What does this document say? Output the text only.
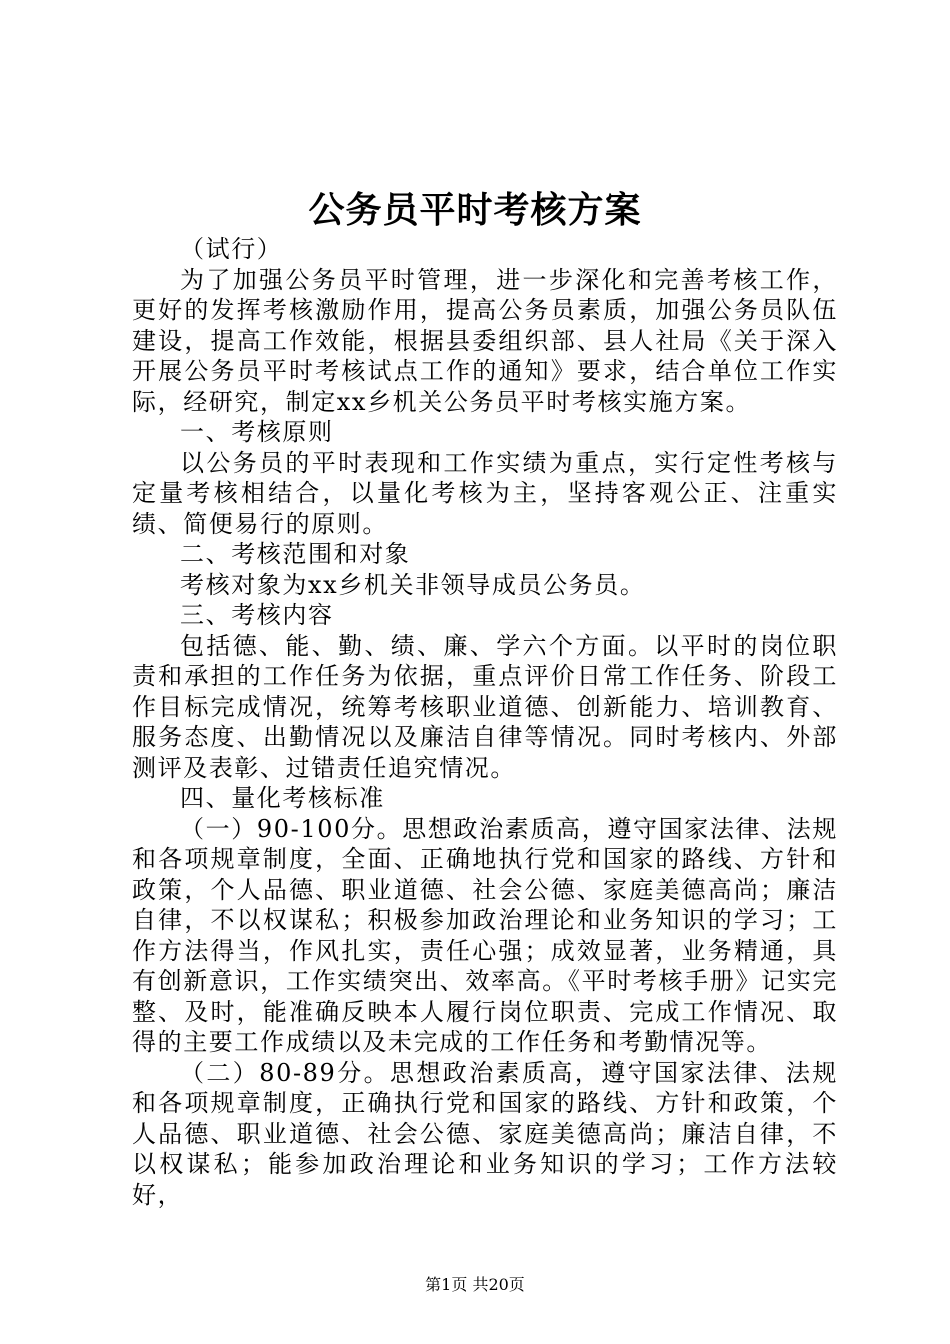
公务员平时考核方案

（试行）

为了加强公务员平时管理，进一步深化和完善考核工作，更好的发挥考核激励作用，提高公务员素质，加强公务员队伍建设，提高工作效能，根据县委组织部、县人社局《关于深入开展公务员平时考核试点工作的通知》要求，结合单位工作实际，经研究，制定xx乡机关公务员平时考核实施方案。

一、考核原则

以公务员的平时表现和工作实绩为重点，实行定性考核与定量考核相结合，以量化考核为主，坚持客观公正、注重实绩、简便易行的原则。

二、考核范围和对象

考核对象为xx乡机关非领导成员公务员。

三、考核内容

包括德、能、勤、绩、廉、学六个方面。以平时的岗位职责和承担的工作任务为依据，重点评价日常工作任务、阶段工作目标完成情况，统筹考核职业道德、创新能力、培训教育、服务态度、出勤情况以及廉洁自律等情况。同时考核内、外部测评及表彰、过错责任追究情况。

四、量化考核标准

（一）90-100分。思想政治素质高，遵守国家法律、法规和各项规章制度，全面、正确地执行党和国家的路线、方针和政策，个人品德、职业道德、社会公德、家庭美德高尚；廉洁自律，不以权谋私；积极参加政治理论和业务知识的学习；工作方法得当，作风扎实，责任心强；成效显著，业务精通，具有创新意识，工作实绩突出、效率高。《平时考核手册》记实完整、及时，能准确反映本人履行岗位职责、完成工作情况、取得的主要工作成绩以及未完成的工作任务和考勤情况等。

（二）80-89分。思想政治素质高，遵守国家法律、法规和各项规章制度，正确执行党和国家的路线、方针和政策，个人品德、职业道德、社会公德、家庭美德高尚；廉洁自律，不以权谋私；能参加政治理论和业务知识的学习；工作方法较好，

第1页 共20页
